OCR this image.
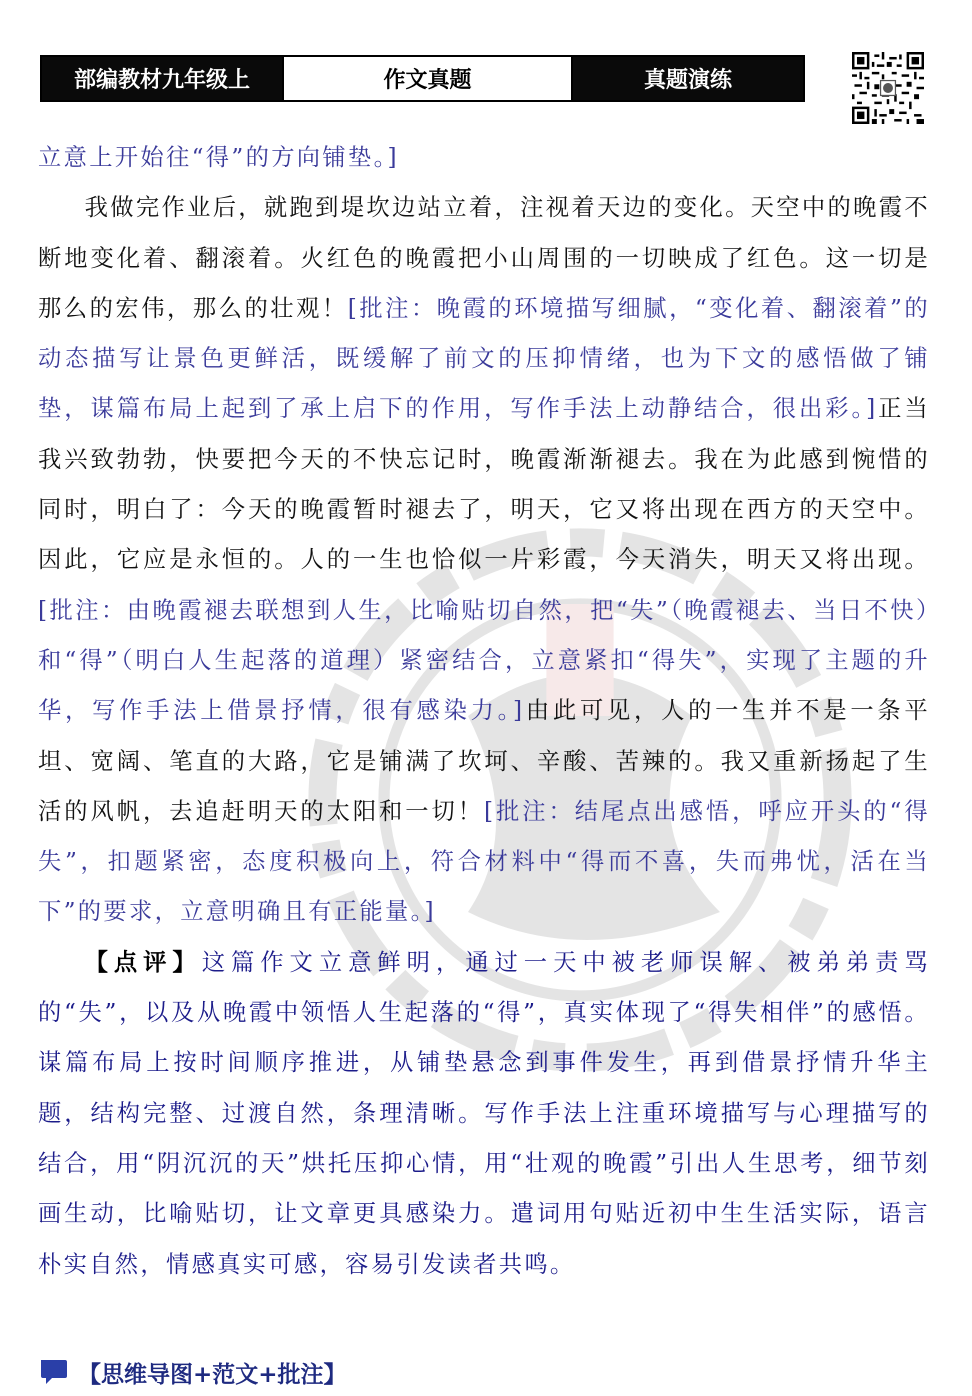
部编教材九年级上	作文真题	真题演练

立意上开始往“得”的方向铺垫。]

我做完作业后，就跑到堤坎边站立着，注视着天边的变化。天空中的晚霞不断地变化着、翻滚着。火红色的晚霞把小山周围的一切映成了红色。这一切是那么的宏伟，那么的壮观！[批注：晚霞的环境描写细腻，“变化着、翻滚着”的动态描写让景色更鲜活，既缓解了前文的压抑情绪，也为下文的感悟做了铺垫，谋篇布局上起到了承上启下的作用，写作手法上动静结合，很出彩。]正当我兴致勃勃，快要把今天的不快忘记时，晚霞渐渐褪去。我在为此感到惋惜的同时，明白了：今天的晚霞暂时褪去了，明天，它又将出现在西方的天空中。因此，它应是永恒的。人的一生也恰似一片彩霞，今天消失，明天又将出现。[批注：由晚霞褪去联想到人生，比喻贴切自然，把“失”（晚霞褪去、当日不快）和“得”（明白人生起落的道理）紧密结合，立意紧扣“得失”，实现了主题的升华，写作手法上借景抒情，很有感染力。]由此可见，人的一生并不是一条平坦、宽阔、笔直的大路，它是铺满了坎坷、辛酸、苦辣的。我又重新扬起了生活的风帆，去追赶明天的太阳和一切！[批注：结尾点出感悟，呼应开头的“得失”，扣题紧密，态度积极向上，符合材料中“得而不喜，失而弗忧，活在当下”的要求，立意明确且有正能量。]

【点评】这篇作文立意鲜明，通过一天中被老师误解、被弟弟责骂的“失”，以及从晚霞中领悟人生起落的“得”，真实体现了“得失相伴”的感悟。谋篇布局上按时间顺序推进，从铺垫悬念到事件发生，再到借景抒情升华主题，结构完整、过渡自然，条理清晰。写作手法上注重环境描写与心理描写的结合，用“阴沉沉的天”烘托压抑心情，用“壮观的晚霞”引出人生思考，细节刻画生动，比喻贴切，让文章更具感染力。遣词用句贴近初中生生活实际，语言朴实自然，情感真实可感，容易引发读者共鸣。

【思维导图+范文+批注】
